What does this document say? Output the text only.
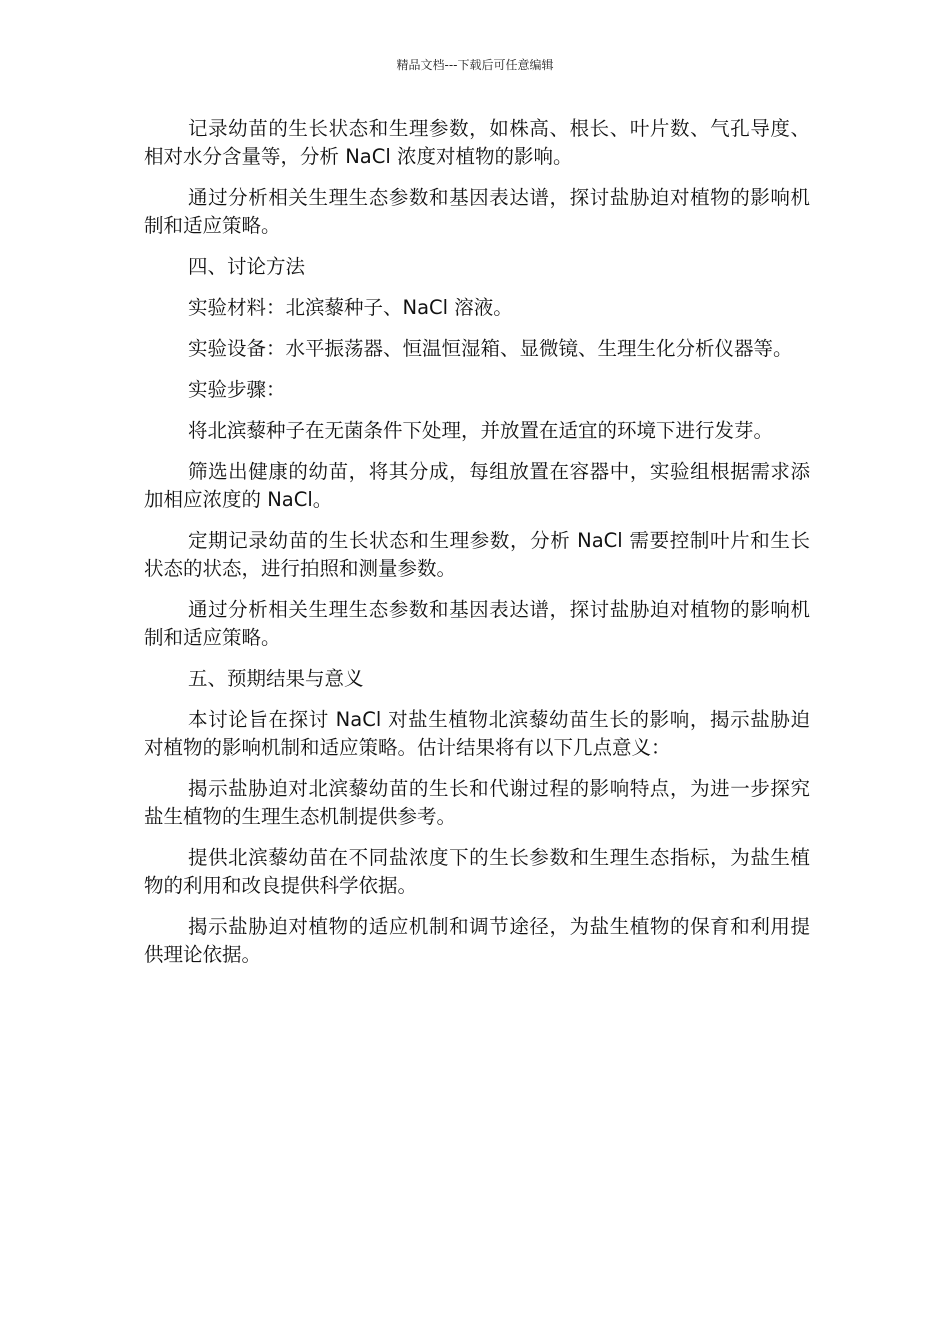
精品文档---下载后可任意编辑

记录幼苗的生长状态和生理参数，如株高、根长、叶片数、气孔导度、相对水分含量等，分析 NaCl 浓度对植物的影响。

通过分析相关生理生态参数和基因表达谱，探讨盐胁迫对植物的影响机制和适应策略。

四、讨论方法

实验材料：北滨藜种子、NaCl 溶液。

实验设备：水平振荡器、恒温恒湿箱、显微镜、生理生化分析仪器等。

实验步骤：

将北滨藜种子在无菌条件下处理，并放置在适宜的环境下进行发芽。

筛选出健康的幼苗，将其分成，每组放置在容器中，实验组根据需求添加相应浓度的 NaCl。

定期记录幼苗的生长状态和生理参数，分析 NaCl 需要控制叶片和生长状态的状态，进行拍照和测量参数。

通过分析相关生理生态参数和基因表达谱，探讨盐胁迫对植物的影响机制和适应策略。

五、预期结果与意义

本讨论旨在探讨 NaCl 对盐生植物北滨藜幼苗生长的影响，揭示盐胁迫对植物的影响机制和适应策略。估计结果将有以下几点意义：

揭示盐胁迫对北滨藜幼苗的生长和代谢过程的影响特点，为进一步探究盐生植物的生理生态机制提供参考。

提供北滨藜幼苗在不同盐浓度下的生长参数和生理生态指标，为盐生植物的利用和改良提供科学依据。

揭示盐胁迫对植物的适应机制和调节途径，为盐生植物的保育和利用提供理论依据。
